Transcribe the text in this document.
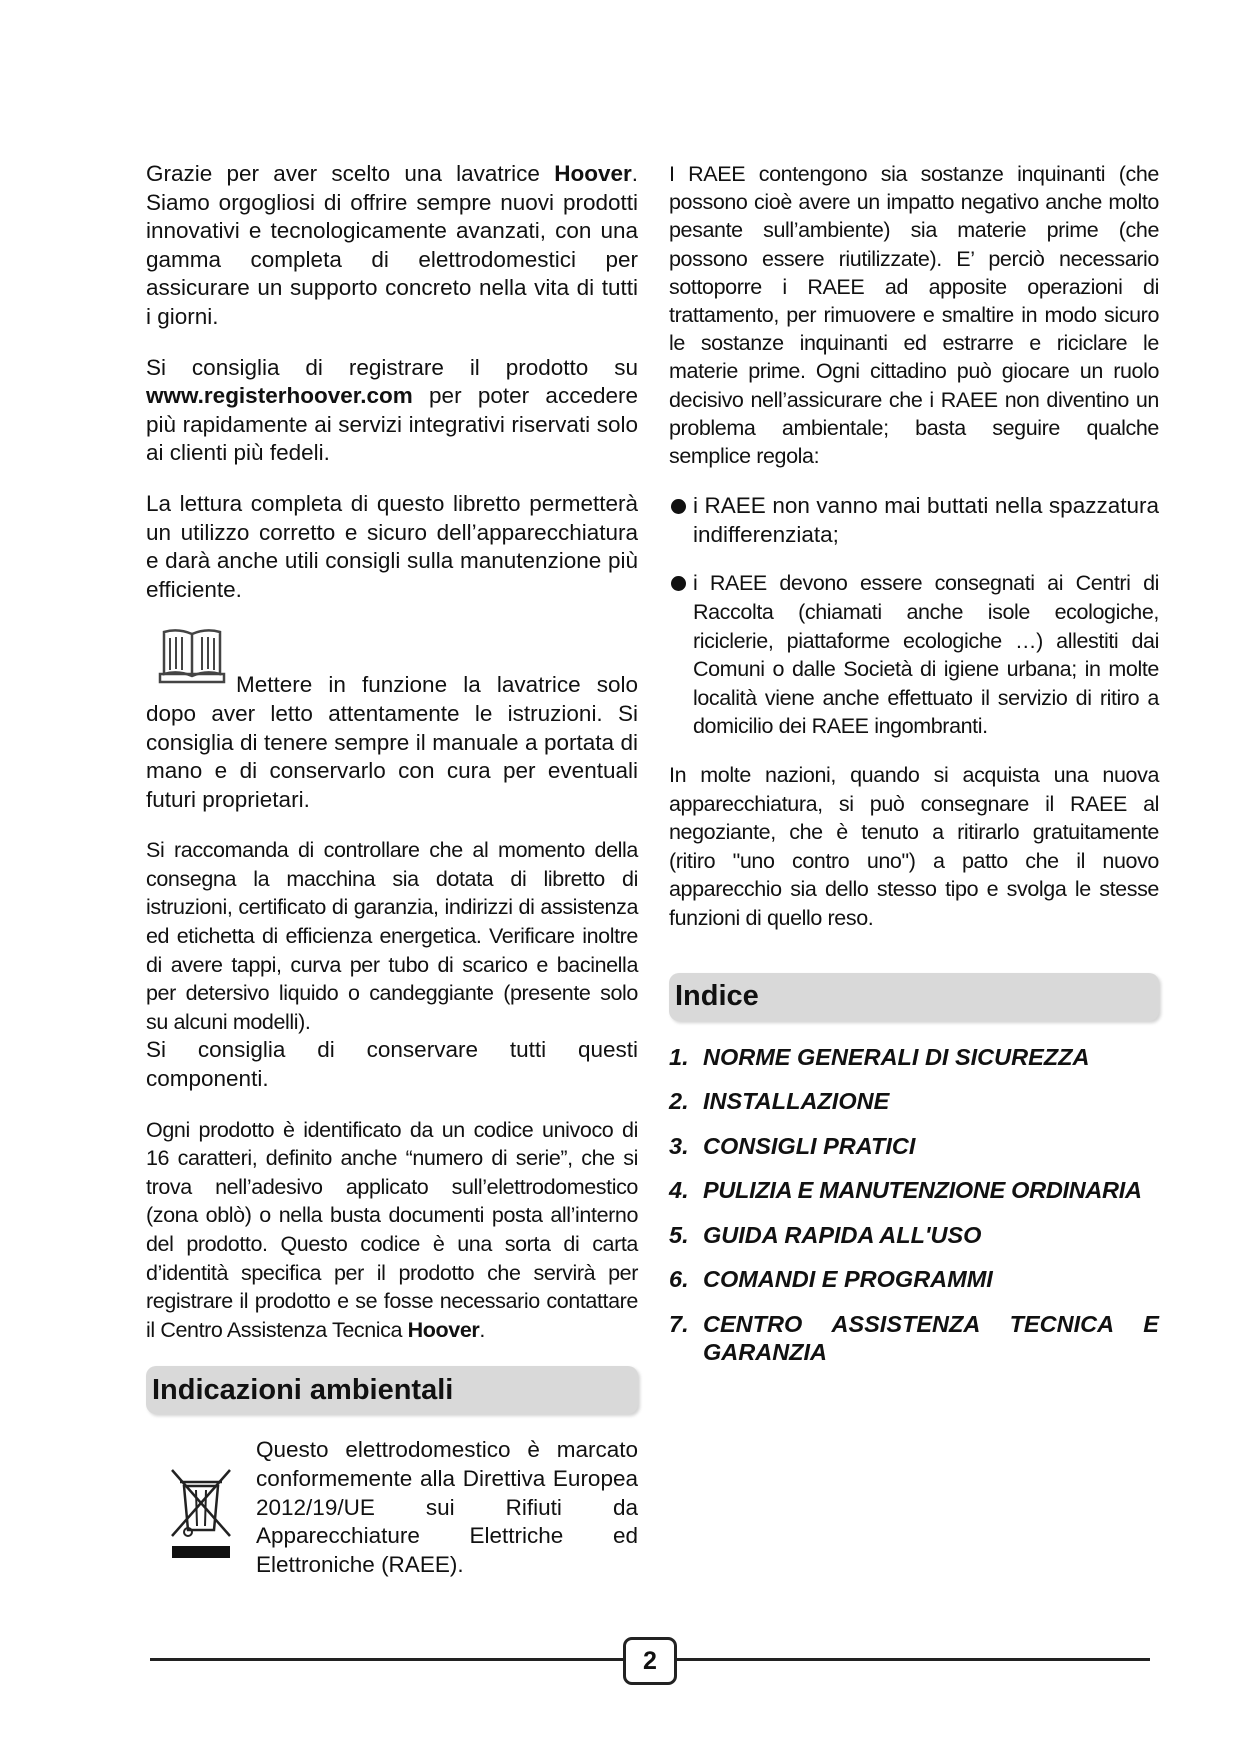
Grazie per aver scelto una lavatrice Hoover. Siamo orgogliosi di offrire sempre nuovi prodotti innovativi e tecnologicamente avanzati, con una gamma completa di elettrodomestici per assicurare un supporto concreto nella vita di tutti i giorni.

Si consiglia di registrare il prodotto su www.registerhoover.com per poter accedere più rapidamente ai servizi integrativi riservati solo ai clienti più fedeli.

La lettura completa di questo libretto permetterà un utilizzo corretto e sicuro dell’apparecchiatura e darà anche utili consigli sulla manutenzione più efficiente.

Mettere in funzione la lavatrice solo dopo aver letto attentamente le istruzioni. Si consiglia di tenere sempre il manuale a portata di mano e di conservarlo con cura per eventuali futuri proprietari.

Si raccomanda di controllare che al momento della consegna la macchina sia dotata di libretto di istruzioni, certificato di garanzia, indirizzi di assistenza ed etichetta di efficienza energetica. Verificare inoltre di avere tappi, curva per tubo di scarico e bacinella per detersivo liquido o candeggiante (presente solo su alcuni modelli).

Si consiglia di conservare tutti questi componenti.

Ogni prodotto è identificato da un codice univoco di 16 caratteri, definito anche “numero di serie”, che si trova nell’adesivo applicato sull’elettrodomestico (zona oblò) o nella busta documenti posta all’interno del prodotto. Questo codice è una sorta di carta d’identità specifica per il prodotto che servirà per registrare il prodotto e se fosse necessario contattare il Centro Assistenza Tecnica Hoover.

Indicazioni ambientali

Questo elettrodomestico è marcato conformemente alla Direttiva Europea 2012/19/UE sui Rifiuti da Apparecchiature Elettriche ed Elettroniche (RAEE).

I RAEE contengono sia sostanze inquinanti (che possono cioè avere un impatto negativo anche molto pesante sull’ambiente) sia materie prime (che possono essere riutilizzate). E’ perciò necessario sottoporre i RAEE ad apposite operazioni di trattamento, per rimuovere e smaltire in modo sicuro le sostanze inquinanti ed estrarre e riciclare le materie prime. Ogni cittadino può giocare un ruolo decisivo nell’assicurare che i RAEE non diventino un problema ambientale; basta seguire qualche semplice regola:

i RAEE non vanno mai buttati nella spazzatura indifferenziata;

i RAEE devono essere consegnati ai Centri di Raccolta (chiamati anche isole ecologiche, riciclerie, piattaforme ecologiche …) allestiti dai Comuni o dalle Società di igiene urbana; in molte località viene anche effettuato il servizio di ritiro a domicilio dei RAEE ingombranti.

In molte nazioni, quando si acquista una nuova apparecchiatura, si può consegnare il RAEE al negoziante, che è tenuto a ritirarlo gratuitamente (ritiro "uno contro uno") a patto che il nuovo apparecchio sia dello stesso tipo e svolga le stesse funzioni di quello reso.

Indice
1. NORME GENERALI DI SICUREZZA
2. INSTALLAZIONE
3. CONSIGLI PRATICI
4. PULIZIA E MANUTENZIONE ORDINARIA
5. GUIDA RAPIDA ALL'USO
6. COMANDI E PROGRAMMI
7. CENTRO ASSISTENZA TECNICA E GARANZIA
2
